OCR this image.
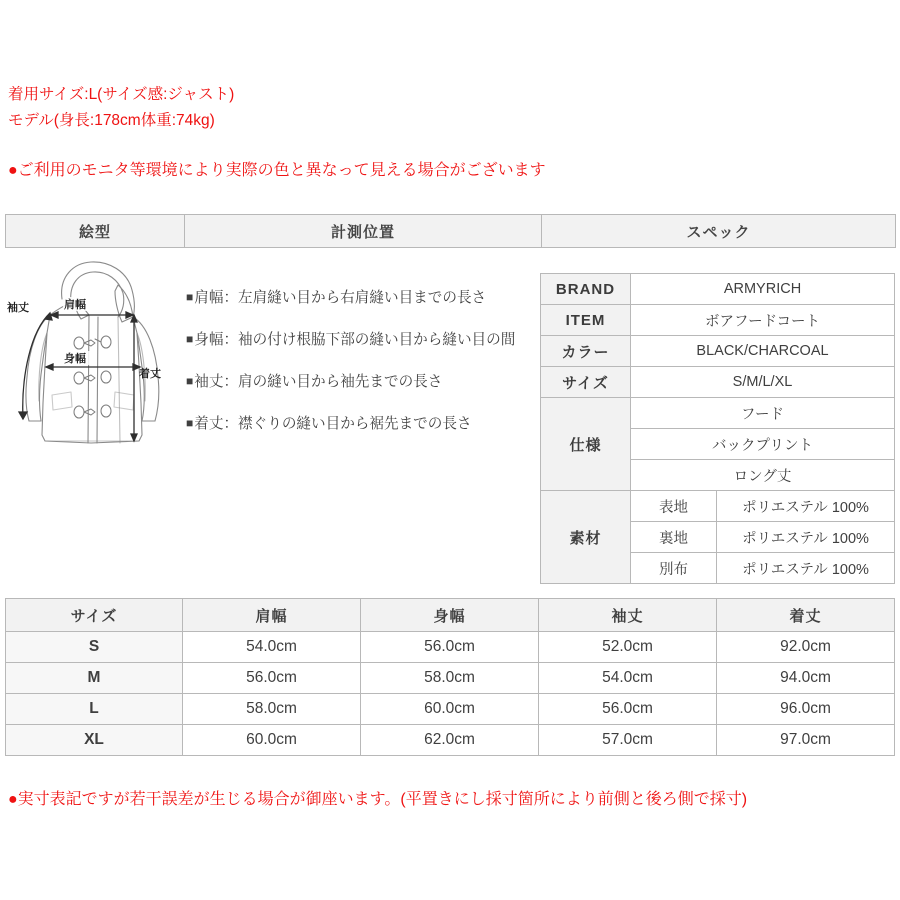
着用サイズ:L(サイズ感:ジャスト)
モデル(身長:178cm体重:74kg)
●ご利用のモニタ等環境により実際の色と異なって見える場合がございます
絵型	計測位置	スペック
肩幅
身幅
着丈
袖丈
■肩幅：左肩縫い目から右肩縫い目までの長さ
■身幅：袖の付け根脇下部の縫い目から縫い目の間
■袖丈：肩の縫い目から袖先までの長さ
■着丈：襟ぐりの縫い目から裾先までの長さ
BRAND	ARMYRICH	
ITEM	ボアフードコート	
カラー	BLACK/CHARCOAL	
サイズ	S/M/L/XL	
仕様	フード	
	バックプリント	
	ロング丈	
素材	表地	ポリエステル 100%
	裏地	ポリエステル 100%
	別布	ポリエステル 100%
サイズ	肩幅	身幅	袖丈	着丈
S	54.0cm	56.0cm	52.0cm	92.0cm
M	56.0cm	58.0cm	54.0cm	94.0cm
L	58.0cm	60.0cm	56.0cm	96.0cm
XL	60.0cm	62.0cm	57.0cm	97.0cm
●実寸表記ですが若干誤差が生じる場合が御座います。(平置きにし採寸箇所により前側と後ろ側で採寸)
